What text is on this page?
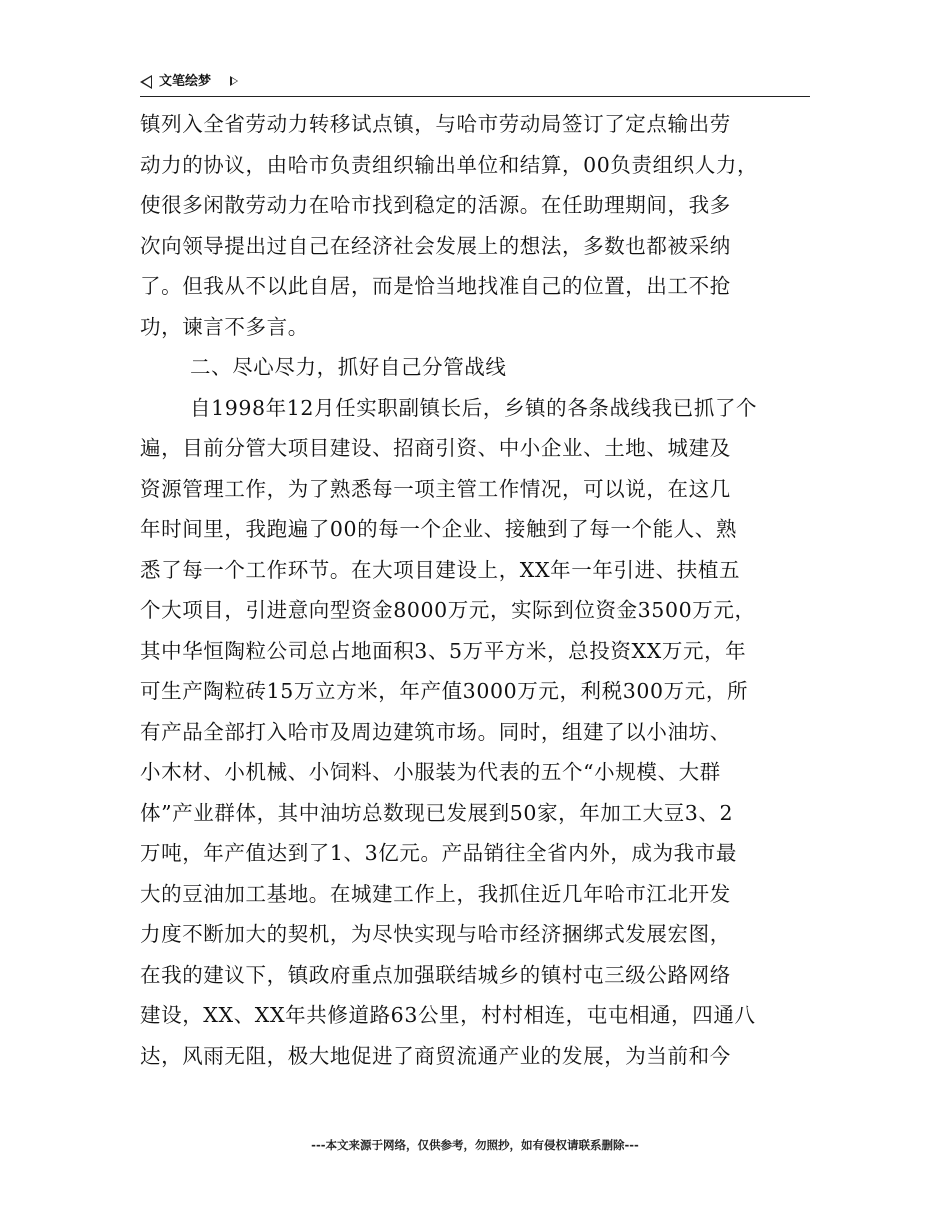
文笔绘梦
镇列入全省劳动力转移试点镇，与哈市劳动局签订了定点输出劳
动力的协议，由哈市负责组织输出单位和结算，00负责组织人力，
使很多闲散劳动力在哈市找到稳定的活源。在任助理期间，我多
次向领导提出过自己在经济社会发展上的想法，多数也都被采纳
了。但我从不以此自居，而是恰当地找准自己的位置，出工不抢
功，谏言不多言。
二、尽心尽力，抓好自己分管战线
自1998年12月任实职副镇长后，乡镇的各条战线我已抓了个
遍，目前分管大项目建设、招商引资、中小企业、土地、城建及
资源管理工作，为了熟悉每一项主管工作情况，可以说，在这几
年时间里，我跑遍了00的每一个企业、接触到了每一个能人、熟
悉了每一个工作环节。在大项目建设上，XX年一年引进、扶植五
个大项目，引进意向型资金8000万元，实际到位资金3500万元，
其中华恒陶粒公司总占地面积3、5万平方米，总投资XX万元，年
可生产陶粒砖15万立方米，年产值3000万元，利税300万元，所
有产品全部打入哈市及周边建筑市场。同时，组建了以小油坊、
小木材、小机械、小饲料、小服装为代表的五个“小规模、大群
体”产业群体，其中油坊总数现已发展到50家，年加工大豆3、2
万吨，年产值达到了1、3亿元。产品销往全省内外，成为我市最
大的豆油加工基地。在城建工作上，我抓住近几年哈市江北开发
力度不断加大的契机，为尽快实现与哈市经济捆绑式发展宏图，
在我的建议下，镇政府重点加强联结城乡的镇村屯三级公路网络
建设，XX、XX年共修道路63公里，村村相连，屯屯相通，四通八
达，风雨无阻，极大地促进了商贸流通产业的发展，为当前和今
---本文来源于网络，仅供参考，勿照抄，如有侵权请联系删除---
